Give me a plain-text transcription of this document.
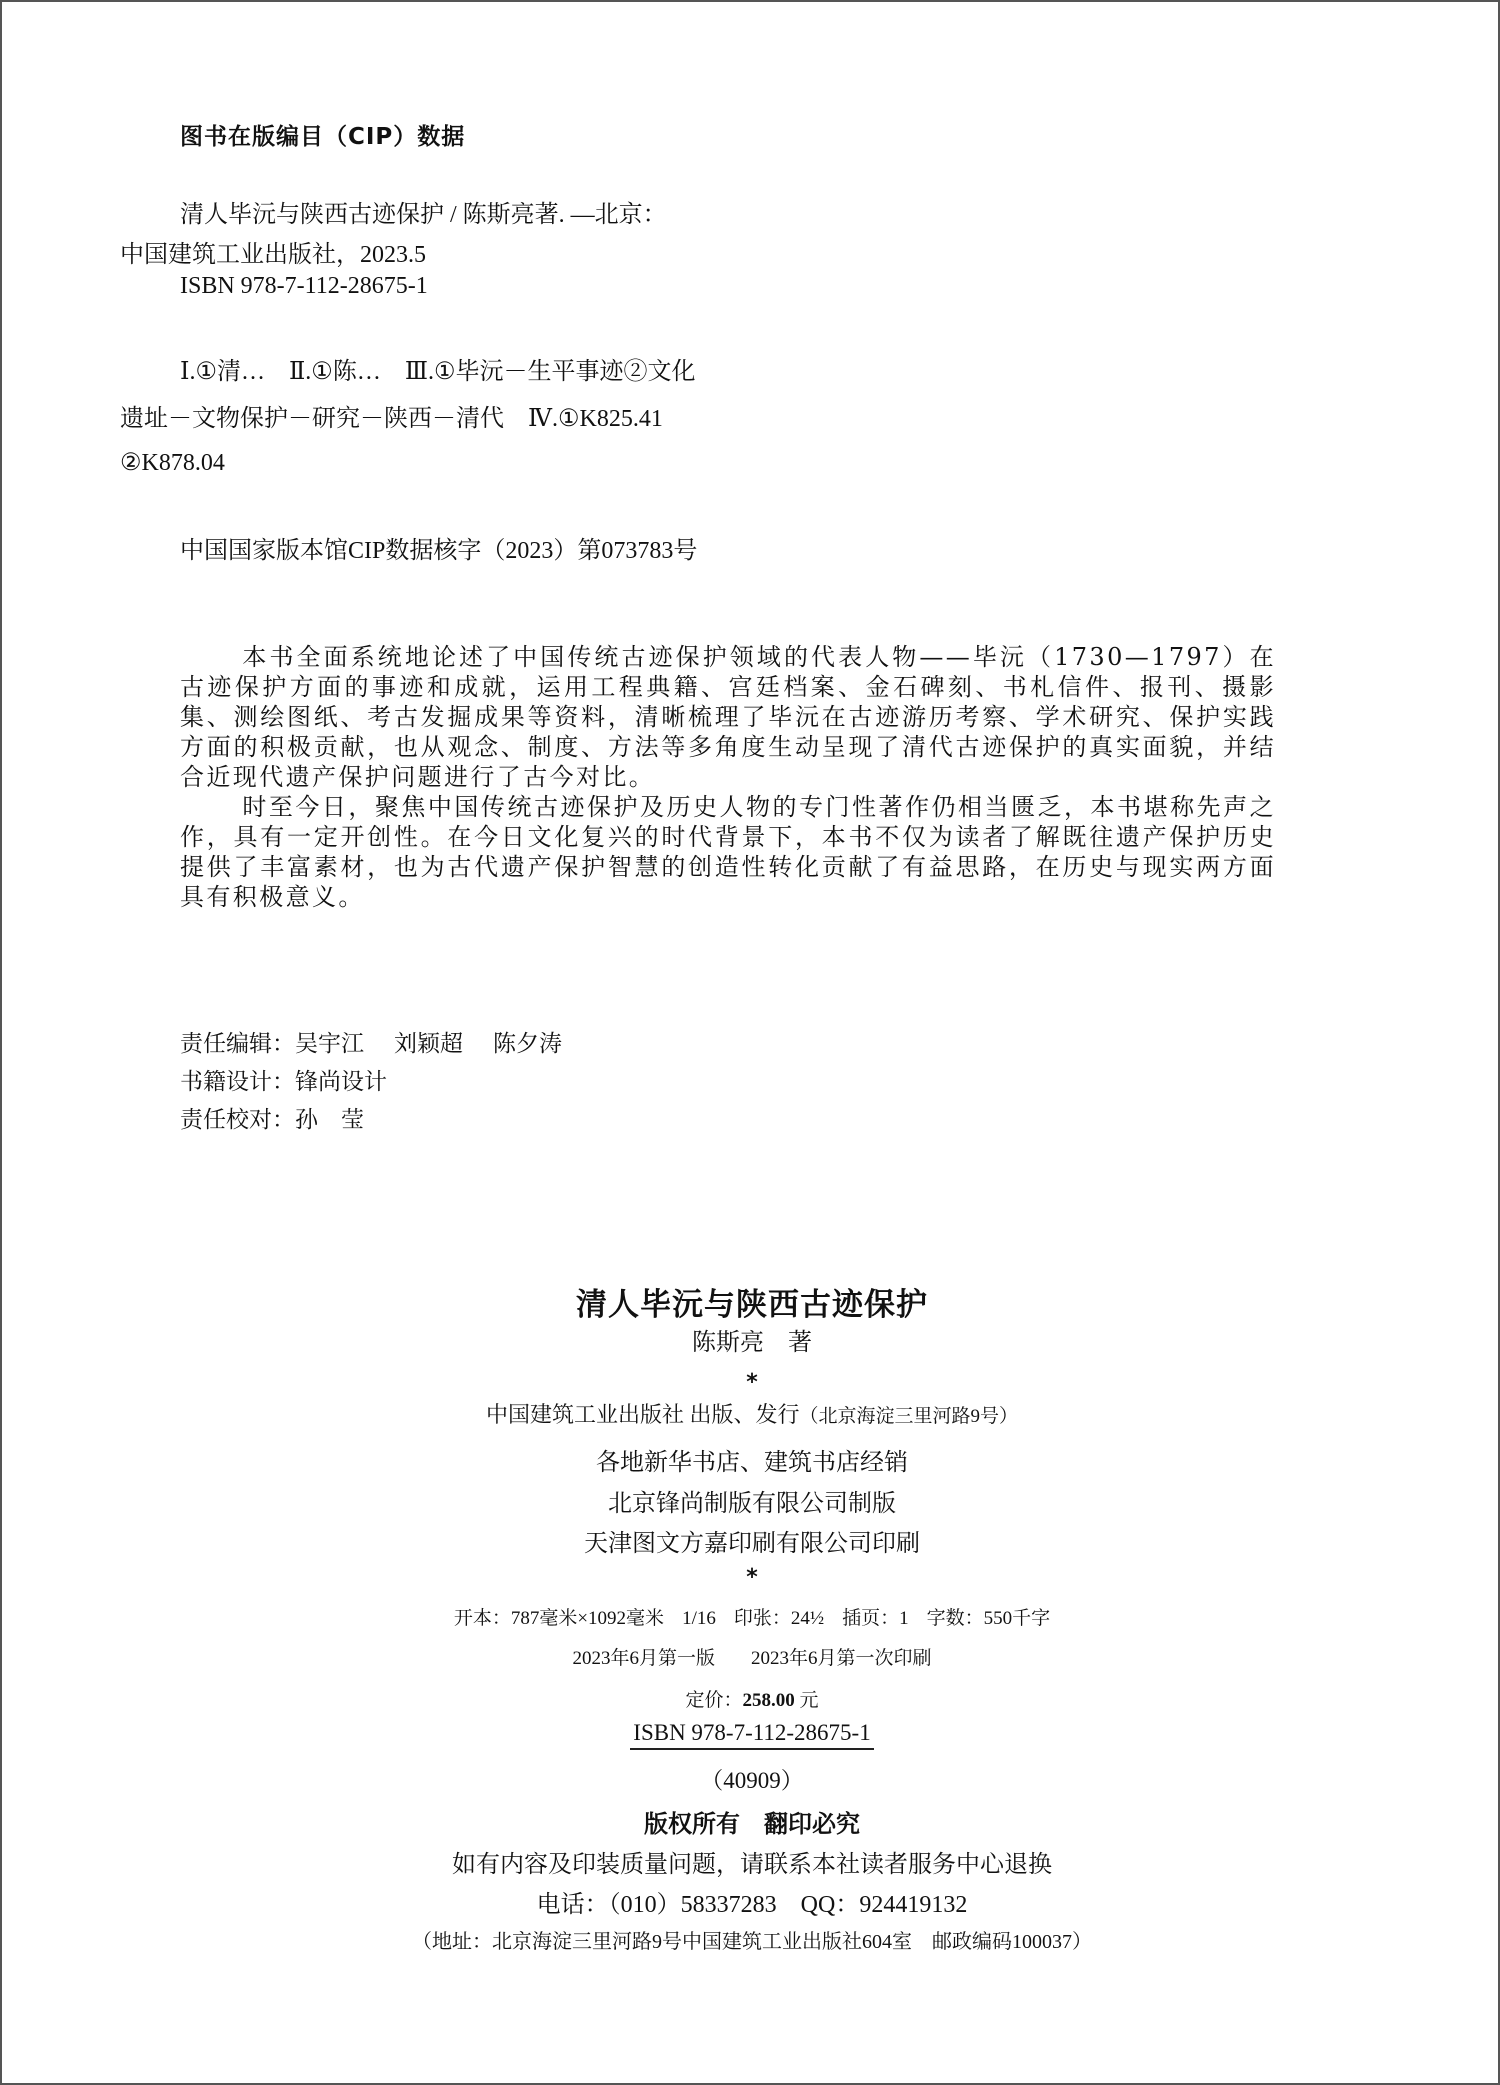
图书在版编目（CIP）数据
清人毕沅与陕西古迹保护 / 陈斯亮著. —北京：
中国建筑工业出版社，2023.5
ISBN 978-7-112-28675-1
Ⅰ.①清…　Ⅱ.①陈…　Ⅲ.①毕沅－生平事迹②文化
遗址－文物保护－研究－陕西－清代　Ⅳ.①K825.41
②K878.04
中国国家版本馆CIP数据核字（2023）第073783号

本书全面系统地论述了中国传统古迹保护领域的代表人物——毕沅（1730—1797）在古迹保护方面的事迹和成就，运用工程典籍、宫廷档案、金石碑刻、书札信件、报刊、摄影集、测绘图纸、考古发掘成果等资料，清晰梳理了毕沅在古迹游历考察、学术研究、保护实践方面的积极贡献，也从观念、制度、方法等多角度生动呈现了清代古迹保护的真实面貌，并结合近现代遗产保护问题进行了古今对比。

时至今日，聚焦中国传统古迹保护及历史人物的专门性著作仍相当匮乏，本书堪称先声之作，具有一定开创性。在今日文化复兴的时代背景下，本书不仅为读者了解既往遗产保护历史提供了丰富素材，也为古代遗产保护智慧的创造性转化贡献了有益思路，在历史与现实两方面具有积极意义。

责任编辑： 吴宇江 刘颖超 陈夕涛
书籍设计： 锋尚设计
责任校对： 孙　莹
清人毕沅与陕西古迹保护
陈斯亮　著
*
中国建筑工业出版社 出版、发行（北京海淀三里河路9号）
各地新华书店、建筑书店经销
北京锋尚制版有限公司制版
天津图文方嘉印刷有限公司印刷
*
开本：787毫米×1092毫米 1/16 印张：24½ 插页：1 字数：550千字
2023年6月第一版 2023年6月第一次印刷
定价：258.00 元
ISBN 978-7-112-28675-1
（40909）
版权所有 翻印必究
如有内容及印装质量问题，请联系本社读者服务中心退换
电话：（010）58337283 QQ：924419132
（地址：北京海淀三里河路9号中国建筑工业出版社604室　邮政编码100037）
